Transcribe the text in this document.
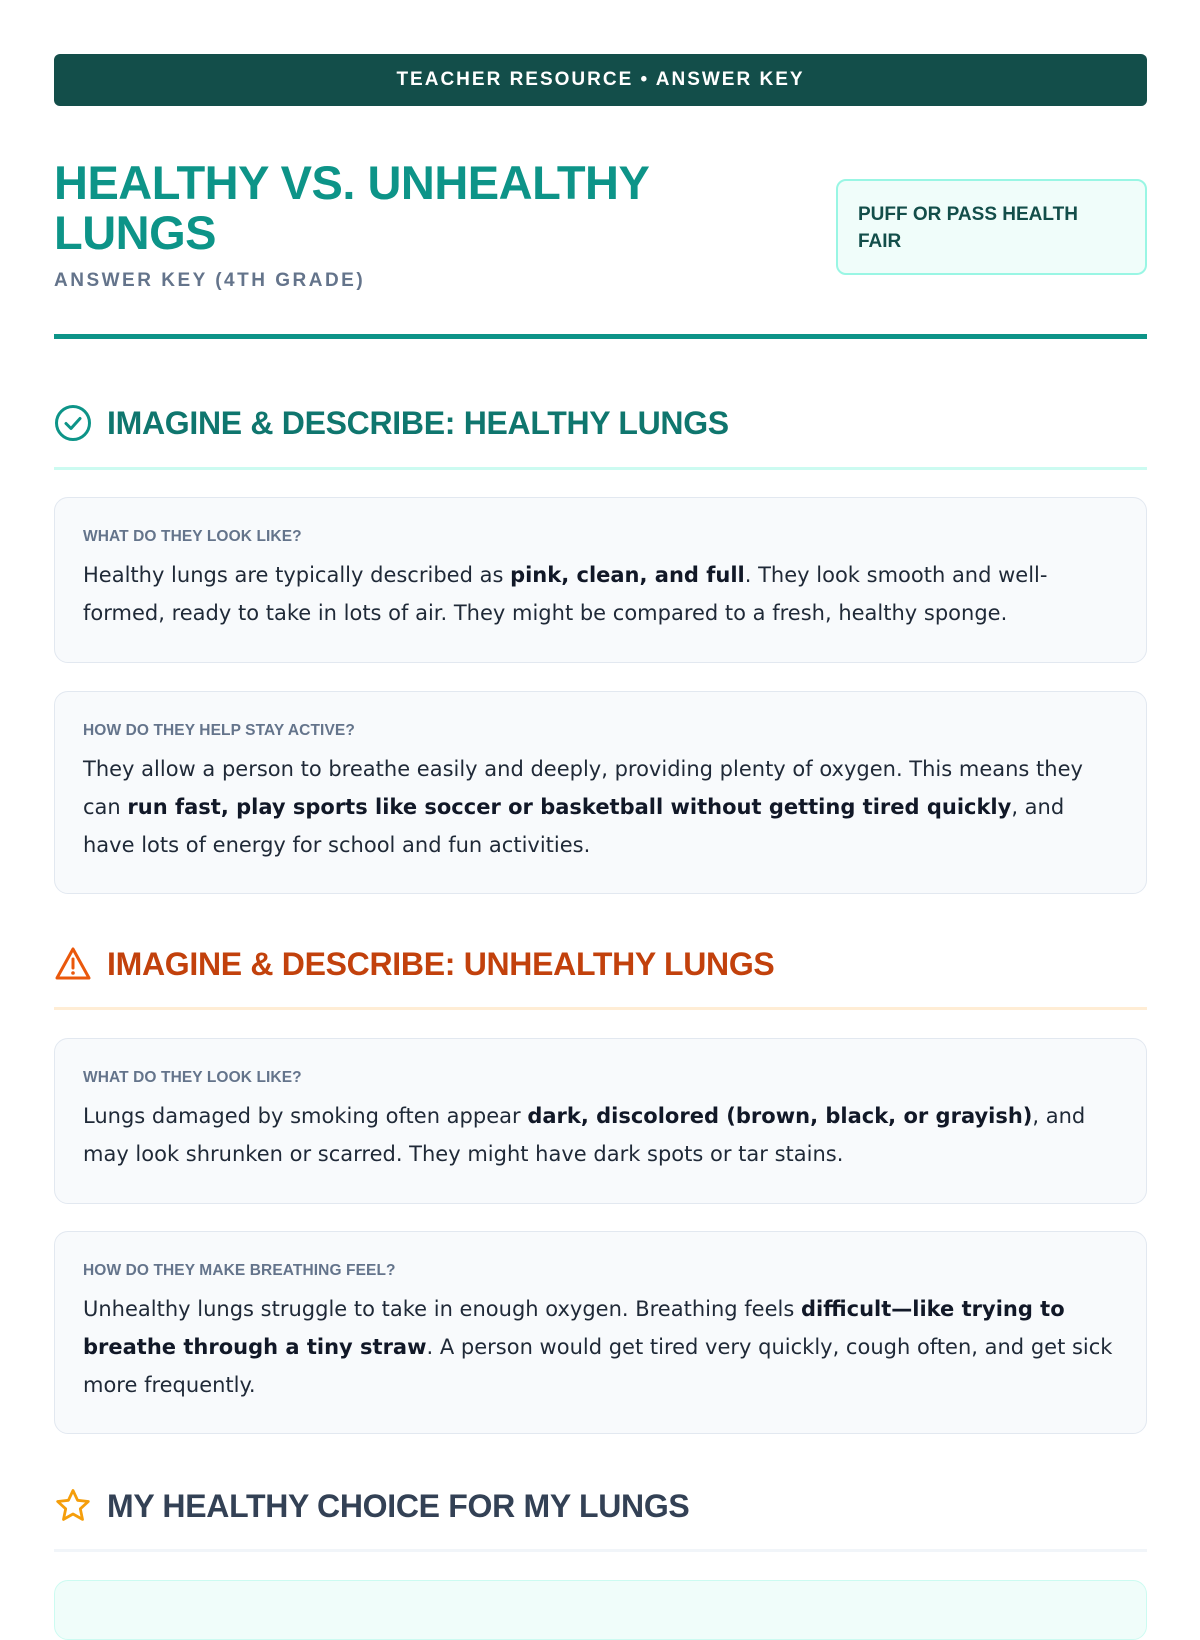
TEACHER RESOURCE • ANSWER KEY
HEALTHY VS. UNHEALTHY LUNGS
ANSWER KEY (4TH GRADE)
PUFF OR PASS HEALTH FAIR
IMAGINE & DESCRIBE: HEALTHY LUNGS
WHAT DO THEY LOOK LIKE?
Healthy lungs are typically described as pink, clean, and full. They look smooth and well-formed, ready to take in lots of air. They might be compared to a fresh, healthy sponge.
HOW DO THEY HELP STAY ACTIVE?
They allow a person to breathe easily and deeply, providing plenty of oxygen. This means they can run fast, play sports like soccer or basketball without getting tired quickly, and have lots of energy for school and fun activities.
IMAGINE & DESCRIBE: UNHEALTHY LUNGS
WHAT DO THEY LOOK LIKE?
Lungs damaged by smoking often appear dark, discolored (brown, black, or grayish), and may look shrunken or scarred. They might have dark spots or tar stains.
HOW DO THEY MAKE BREATHING FEEL?
Unhealthy lungs struggle to take in enough oxygen. Breathing feels difficult—like trying to breathe through a tiny straw. A person would get tired very quickly, cough often, and get sick more frequently.
MY HEALTHY CHOICE FOR MY LUNGS
